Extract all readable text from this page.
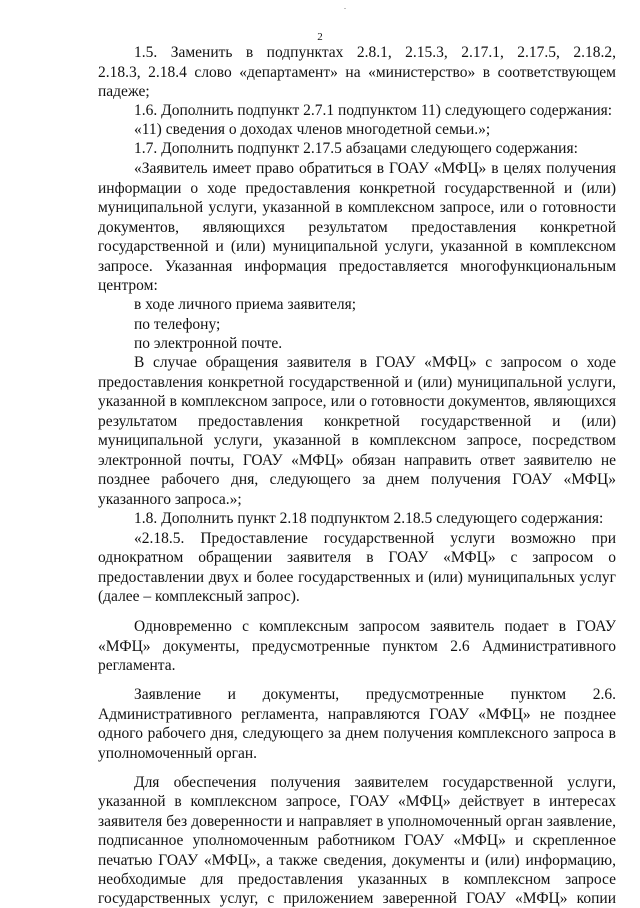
.
2
1.5. Заменить в подпунктах 2.8.1, 2.15.3, 2.17.1, 2.17.5, 2.18.2,
2.18.3, 2.18.4 слово «департамент» на «министерство» в соответствующем
падеже;
1.6. Дополнить подпункт 2.7.1 подпунктом 11) следующего содержания:
«11) сведения о доходах членов многодетной семьи.»;
1.7. Дополнить подпункт 2.17.5 абзацами следующего содержания:
«Заявитель имеет право обратиться в ГОАУ «МФЦ» в целях получения
информации о ходе предоставления конкретной государственной и (или)
муниципальной услуги, указанной в комплексном запросе, или о готовности
документов, являющихся результатом предоставления конкретной
государственной и (или) муниципальной услуги, указанной в комплексном
запросе. Указанная информация предоставляется многофункциональным
центром:
в ходе личного приема заявителя;
по телефону;
по электронной почте.
В случае обращения заявителя в ГОАУ «МФЦ» с запросом о ходе
предоставления конкретной государственной и (или) муниципальной услуги,
указанной в комплексном запросе, или о готовности документов, являющихся
результатом предоставления конкретной государственной и (или)
муниципальной услуги, указанной в комплексном запросе, посредством
электронной почты, ГОАУ «МФЦ» обязан направить ответ заявителю не
позднее рабочего дня, следующего за днем получения ГОАУ «МФЦ»
указанного запроса.»;
1.8. Дополнить пункт 2.18 подпунктом 2.18.5 следующего содержания:
«2.18.5. Предоставление государственной услуги возможно при
однократном обращении заявителя в ГОАУ «МФЦ» с запросом о
предоставлении двух и более государственных и (или) муниципальных услуг
(далее – комплексный запрос).
Одновременно с комплексным запросом заявитель подает в ГОАУ
«МФЦ» документы, предусмотренные пунктом 2.6 Административного
регламента.
Заявление и документы, предусмотренные пунктом 2.6.
Административного регламента, направляются ГОАУ «МФЦ» не позднее
одного рабочего дня, следующего за днем получения комплексного запроса в
уполномоченный орган.
Для обеспечения получения заявителем государственной услуги,
указанной в комплексном запросе, ГОАУ «МФЦ» действует в интересах
заявителя без доверенности и направляет в уполномоченный орган заявление,
подписанное уполномоченным работником ГОАУ «МФЦ» и скрепленное
печатью ГОАУ «МФЦ», а также сведения, документы и (или) информацию,
необходимые для предоставления указанных в комплексном запросе
государственных услуг, с приложением заверенной ГОАУ «МФЦ» копии
